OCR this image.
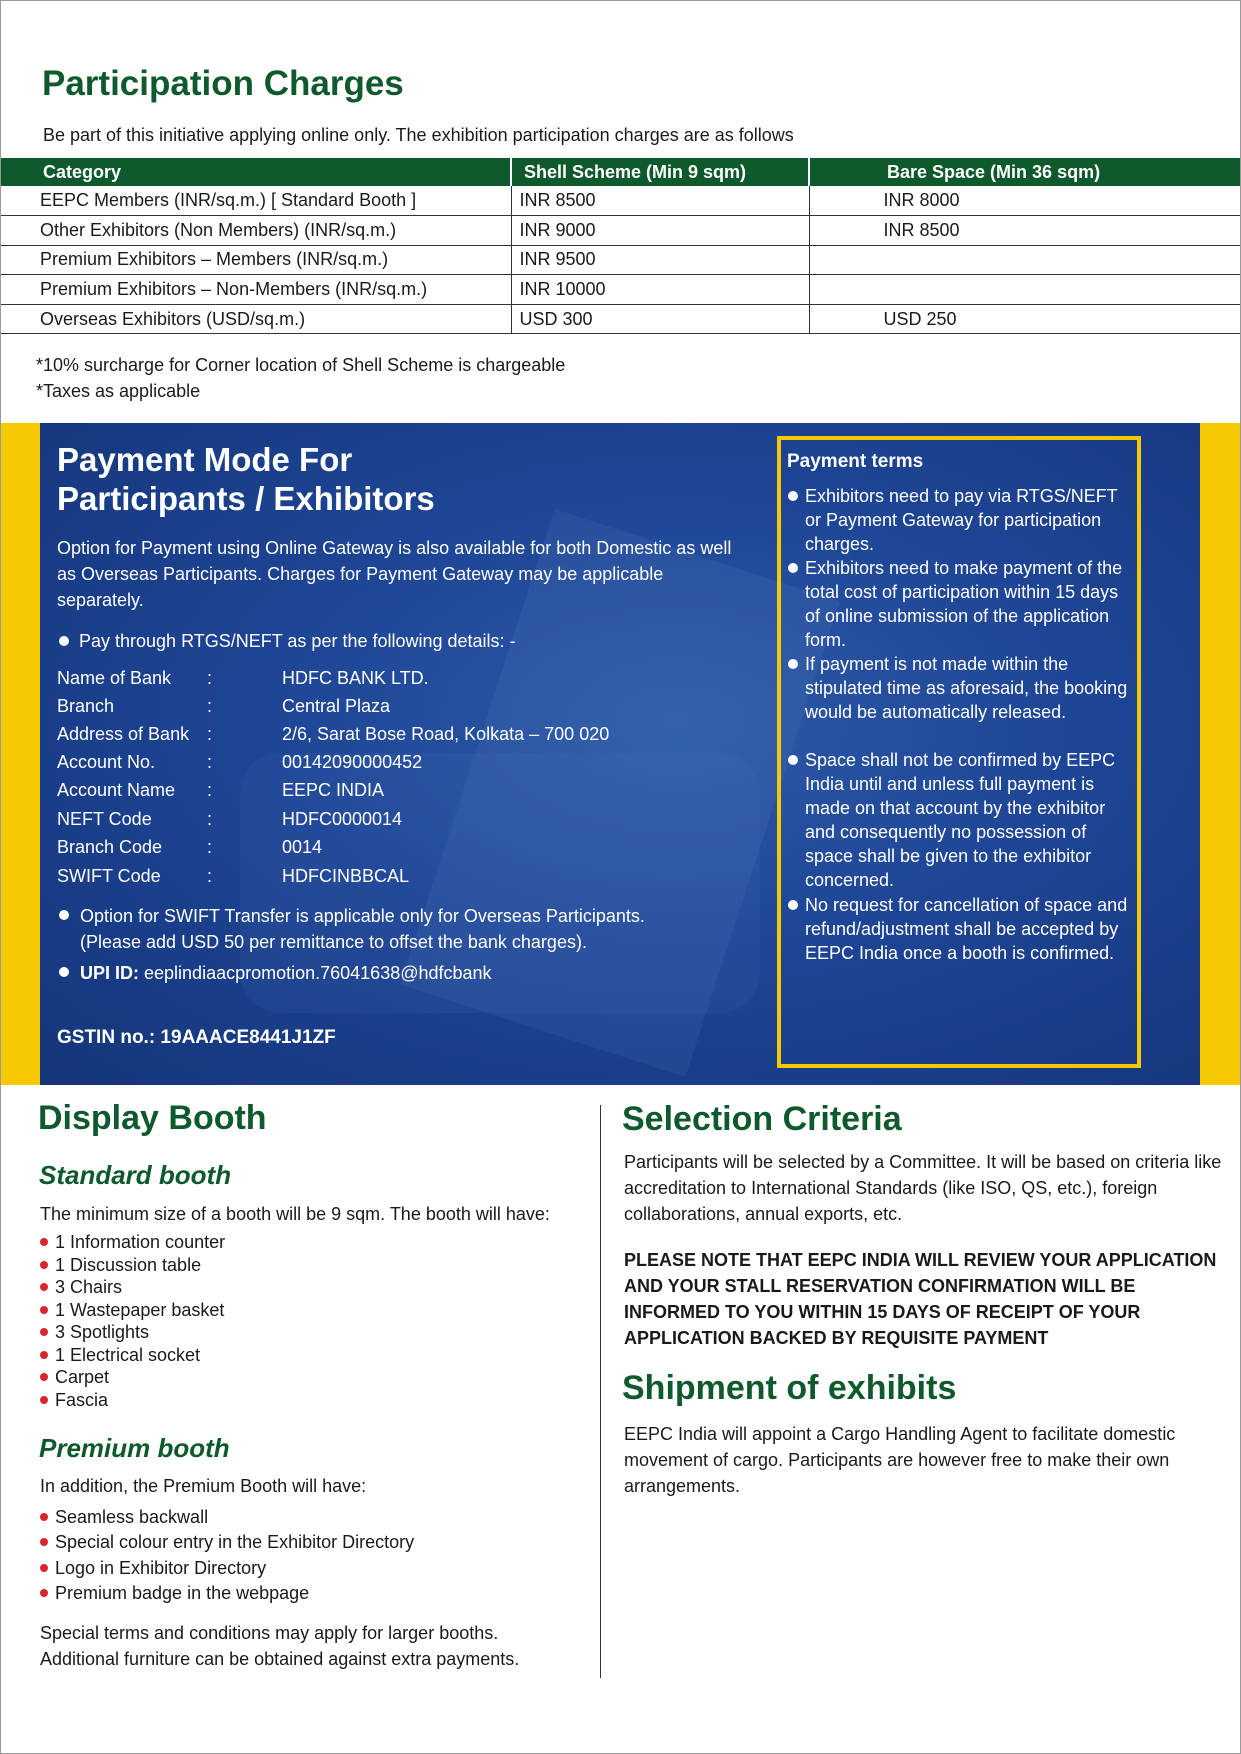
Participation Charges
Be part of this initiative applying online only. The exhibition participation charges are as follows
Category	Shell Scheme (Min 9 sqm)	Bare Space (Min 36 sqm)
EEPC Members (INR/sq.m.) [ Standard Booth ]	INR 8500	INR 8000
Other Exhibitors (Non Members) (INR/sq.m.)	INR 9000	INR 8500
Premium Exhibitors – Members (INR/sq.m.)	INR 9500	
Premium Exhibitors – Non-Members (INR/sq.m.)	INR 10000	
Overseas Exhibitors (USD/sq.m.)	USD 300	USD 250
*10% surcharge for Corner location of Shell Scheme is chargeable
*Taxes as applicable
Payment Mode For
Participants / Exhibitors
Option for Payment using Online Gateway is also available for both Domestic as well as Overseas Participants. Charges for Payment Gateway may be applicable separately.
Pay through RTGS/NEFT as per the following details: -
Name of Bank	:	HDFC BANK LTD.
Branch	:	Central Plaza
Address of Bank :	2/6, Sarat Bose Road, Kolkata – 700 020
Account No.	:	00142090000452
Account Name	:	EEPC INDIA
NEFT Code	:	HDFC0000014
Branch Code	:	0014
SWIFT Code	:	HDFCINBBCAL
Option for SWIFT Transfer is applicable only for Overseas Participants.
(Please add USD 50 per remittance to offset the bank charges).
UPI ID: eeplindiaacpromotion.76041638@hdfcbank
GSTIN no.: 19AAACE8441J1ZF
Payment terms
Exhibitors need to pay via RTGS/NEFT or Payment Gateway for participation charges.
Exhibitors need to make payment of the total cost of participation within 15 days of online submission of the application form.
If payment is not made within the stipulated time as aforesaid, the booking would be automatically released.
Space shall not be confirmed by EEPC India until and unless full payment is made on that account by the exhibitor and consequently no possession of space shall be given to the exhibitor concerned.
No request for cancellation of space and refund/adjustment shall be accepted by EEPC India once a booth is confirmed.
Display Booth
Standard booth
The minimum size of a booth will be 9 sqm. The booth will have:
1 Information counter
1 Discussion table
3 Chairs
1 Wastepaper basket
3 Spotlights
1 Electrical socket
Carpet
Fascia
Premium booth
In addition, the Premium Booth will have:
Seamless backwall
Special colour entry in the Exhibitor Directory
Logo in Exhibitor Directory
Premium badge in the webpage
Special terms and conditions may apply for larger booths.
Additional furniture can be obtained against extra payments.
Selection Criteria
Participants will be selected by a Committee. It will be based on criteria like accreditation to International Standards (like ISO, QS, etc.), foreign collaborations, annual exports, etc.
PLEASE NOTE THAT EEPC INDIA WILL REVIEW YOUR APPLICATION AND YOUR STALL RESERVATION CONFIRMATION WILL BE INFORMED TO YOU WITHIN 15 DAYS OF RECEIPT OF YOUR APPLICATION BACKED BY REQUISITE PAYMENT
Shipment of exhibits
EEPC India will appoint a Cargo Handling Agent to facilitate domestic movement of cargo. Participants are however free to make their own arrangements.
